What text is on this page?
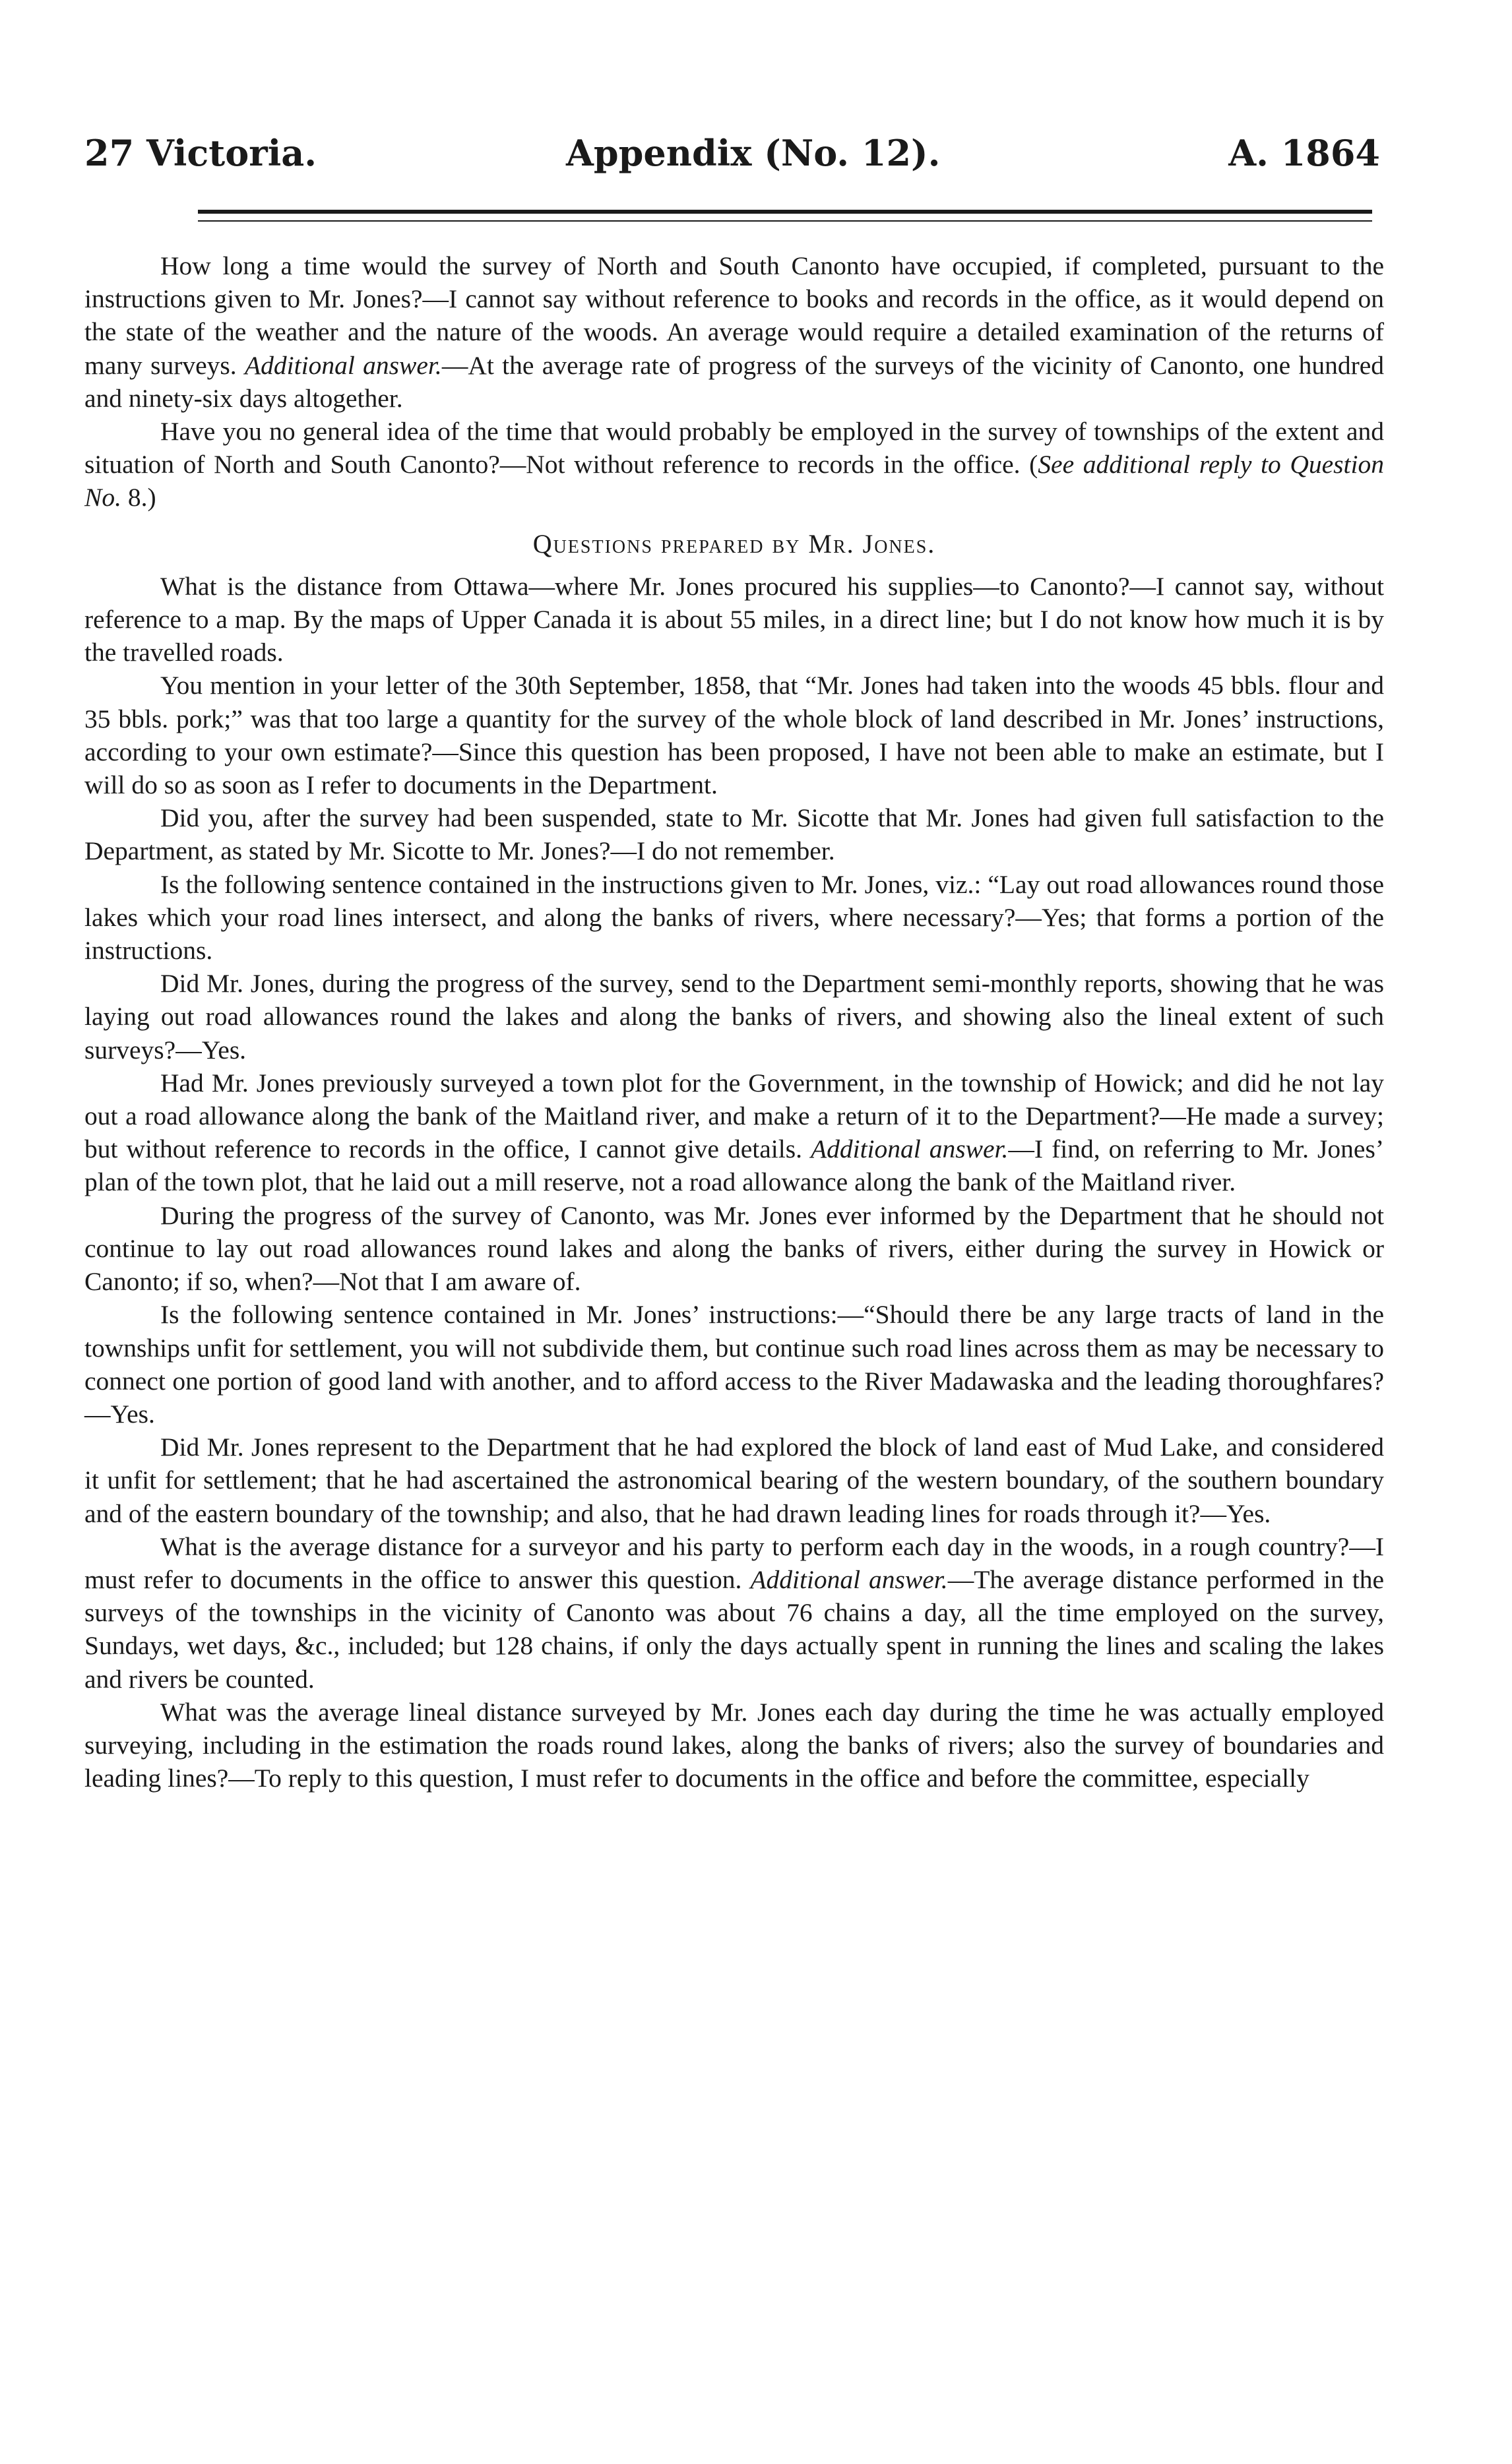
27 Victoria.	Appendix (No. 12).	A. 1864

How long a time would the survey of North and South Canonto have occupied, if completed, pursuant to the instructions given to Mr. Jones?—I cannot say without reference to books and records in the office, as it would depend on the state of the weather and the nature of the woods. An average would require a detailed examination of the returns of many surveys. Additional answer.—At the average rate of progress of the surveys of the vicinity of Canonto, one hundred and ninety-six days altogether.

Have you no general idea of the time that would probably be employed in the survey of townships of the extent and situation of North and South Canonto?—Not without reference to records in the office. (See additional reply to Question No. 8.)

Questions prepared by Mr. Jones.

What is the distance from Ottawa—where Mr. Jones procured his supplies—to Canonto?—I cannot say, without reference to a map. By the maps of Upper Canada it is about 55 miles, in a direct line; but I do not know how much it is by the travelled roads.

You mention in your letter of the 30th September, 1858, that “Mr. Jones had taken into the woods 45 bbls. flour and 35 bbls. pork;” was that too large a quantity for the survey of the whole block of land described in Mr. Jones’ instructions, according to your own estimate?—Since this question has been proposed, I have not been able to make an estimate, but I will do so as soon as I refer to documents in the Department.

Did you, after the survey had been suspended, state to Mr. Sicotte that Mr. Jones had given full satisfaction to the Department, as stated by Mr. Sicotte to Mr. Jones?—I do not remember.

Is the following sentence contained in the instructions given to Mr. Jones, viz.: “Lay out road allowances round those lakes which your road lines intersect, and along the banks of rivers, where necessary?—Yes; that forms a portion of the instructions.

Did Mr. Jones, during the progress of the survey, send to the Department semi-monthly reports, showing that he was laying out road allowances round the lakes and along the banks of rivers, and showing also the lineal extent of such surveys?—Yes.

Had Mr. Jones previously surveyed a town plot for the Government, in the township of Howick; and did he not lay out a road allowance along the bank of the Maitland river, and make a return of it to the Department?—He made a survey; but without reference to records in the office, I cannot give details. Additional answer.—I find, on referring to Mr. Jones’ plan of the town plot, that he laid out a mill reserve, not a road allowance along the bank of the Maitland river.

During the progress of the survey of Canonto, was Mr. Jones ever informed by the Department that he should not continue to lay out road allowances round lakes and along the banks of rivers, either during the survey in Howick or Canonto; if so, when?—Not that I am aware of.

Is the following sentence contained in Mr. Jones’ instructions:—“Should there be any large tracts of land in the townships unfit for settlement, you will not subdivide them, but continue such road lines across them as may be necessary to connect one portion of good land with another, and to afford access to the River Madawaska and the leading thoroughfares?—Yes.

Did Mr. Jones represent to the Department that he had explored the block of land east of Mud Lake, and considered it unfit for settlement; that he had ascertained the astronomical bearing of the western boundary, of the southern boundary and of the eastern boundary of the township; and also, that he had drawn leading lines for roads through it?—Yes.

What is the average distance for a surveyor and his party to perform each day in the woods, in a rough country?—I must refer to documents in the office to answer this question. Additional answer.—The average distance performed in the surveys of the townships in the vicinity of Canonto was about 76 chains a day, all the time employed on the survey, Sundays, wet days, &c., included; but 128 chains, if only the days actually spent in running the lines and scaling the lakes and rivers be counted.

What was the average lineal distance surveyed by Mr. Jones each day during the time he was actually employed surveying, including in the estimation the roads round lakes, along the banks of rivers; also the survey of boundaries and leading lines?—To reply to this question, I must refer to documents in the office and before the committee, especially
